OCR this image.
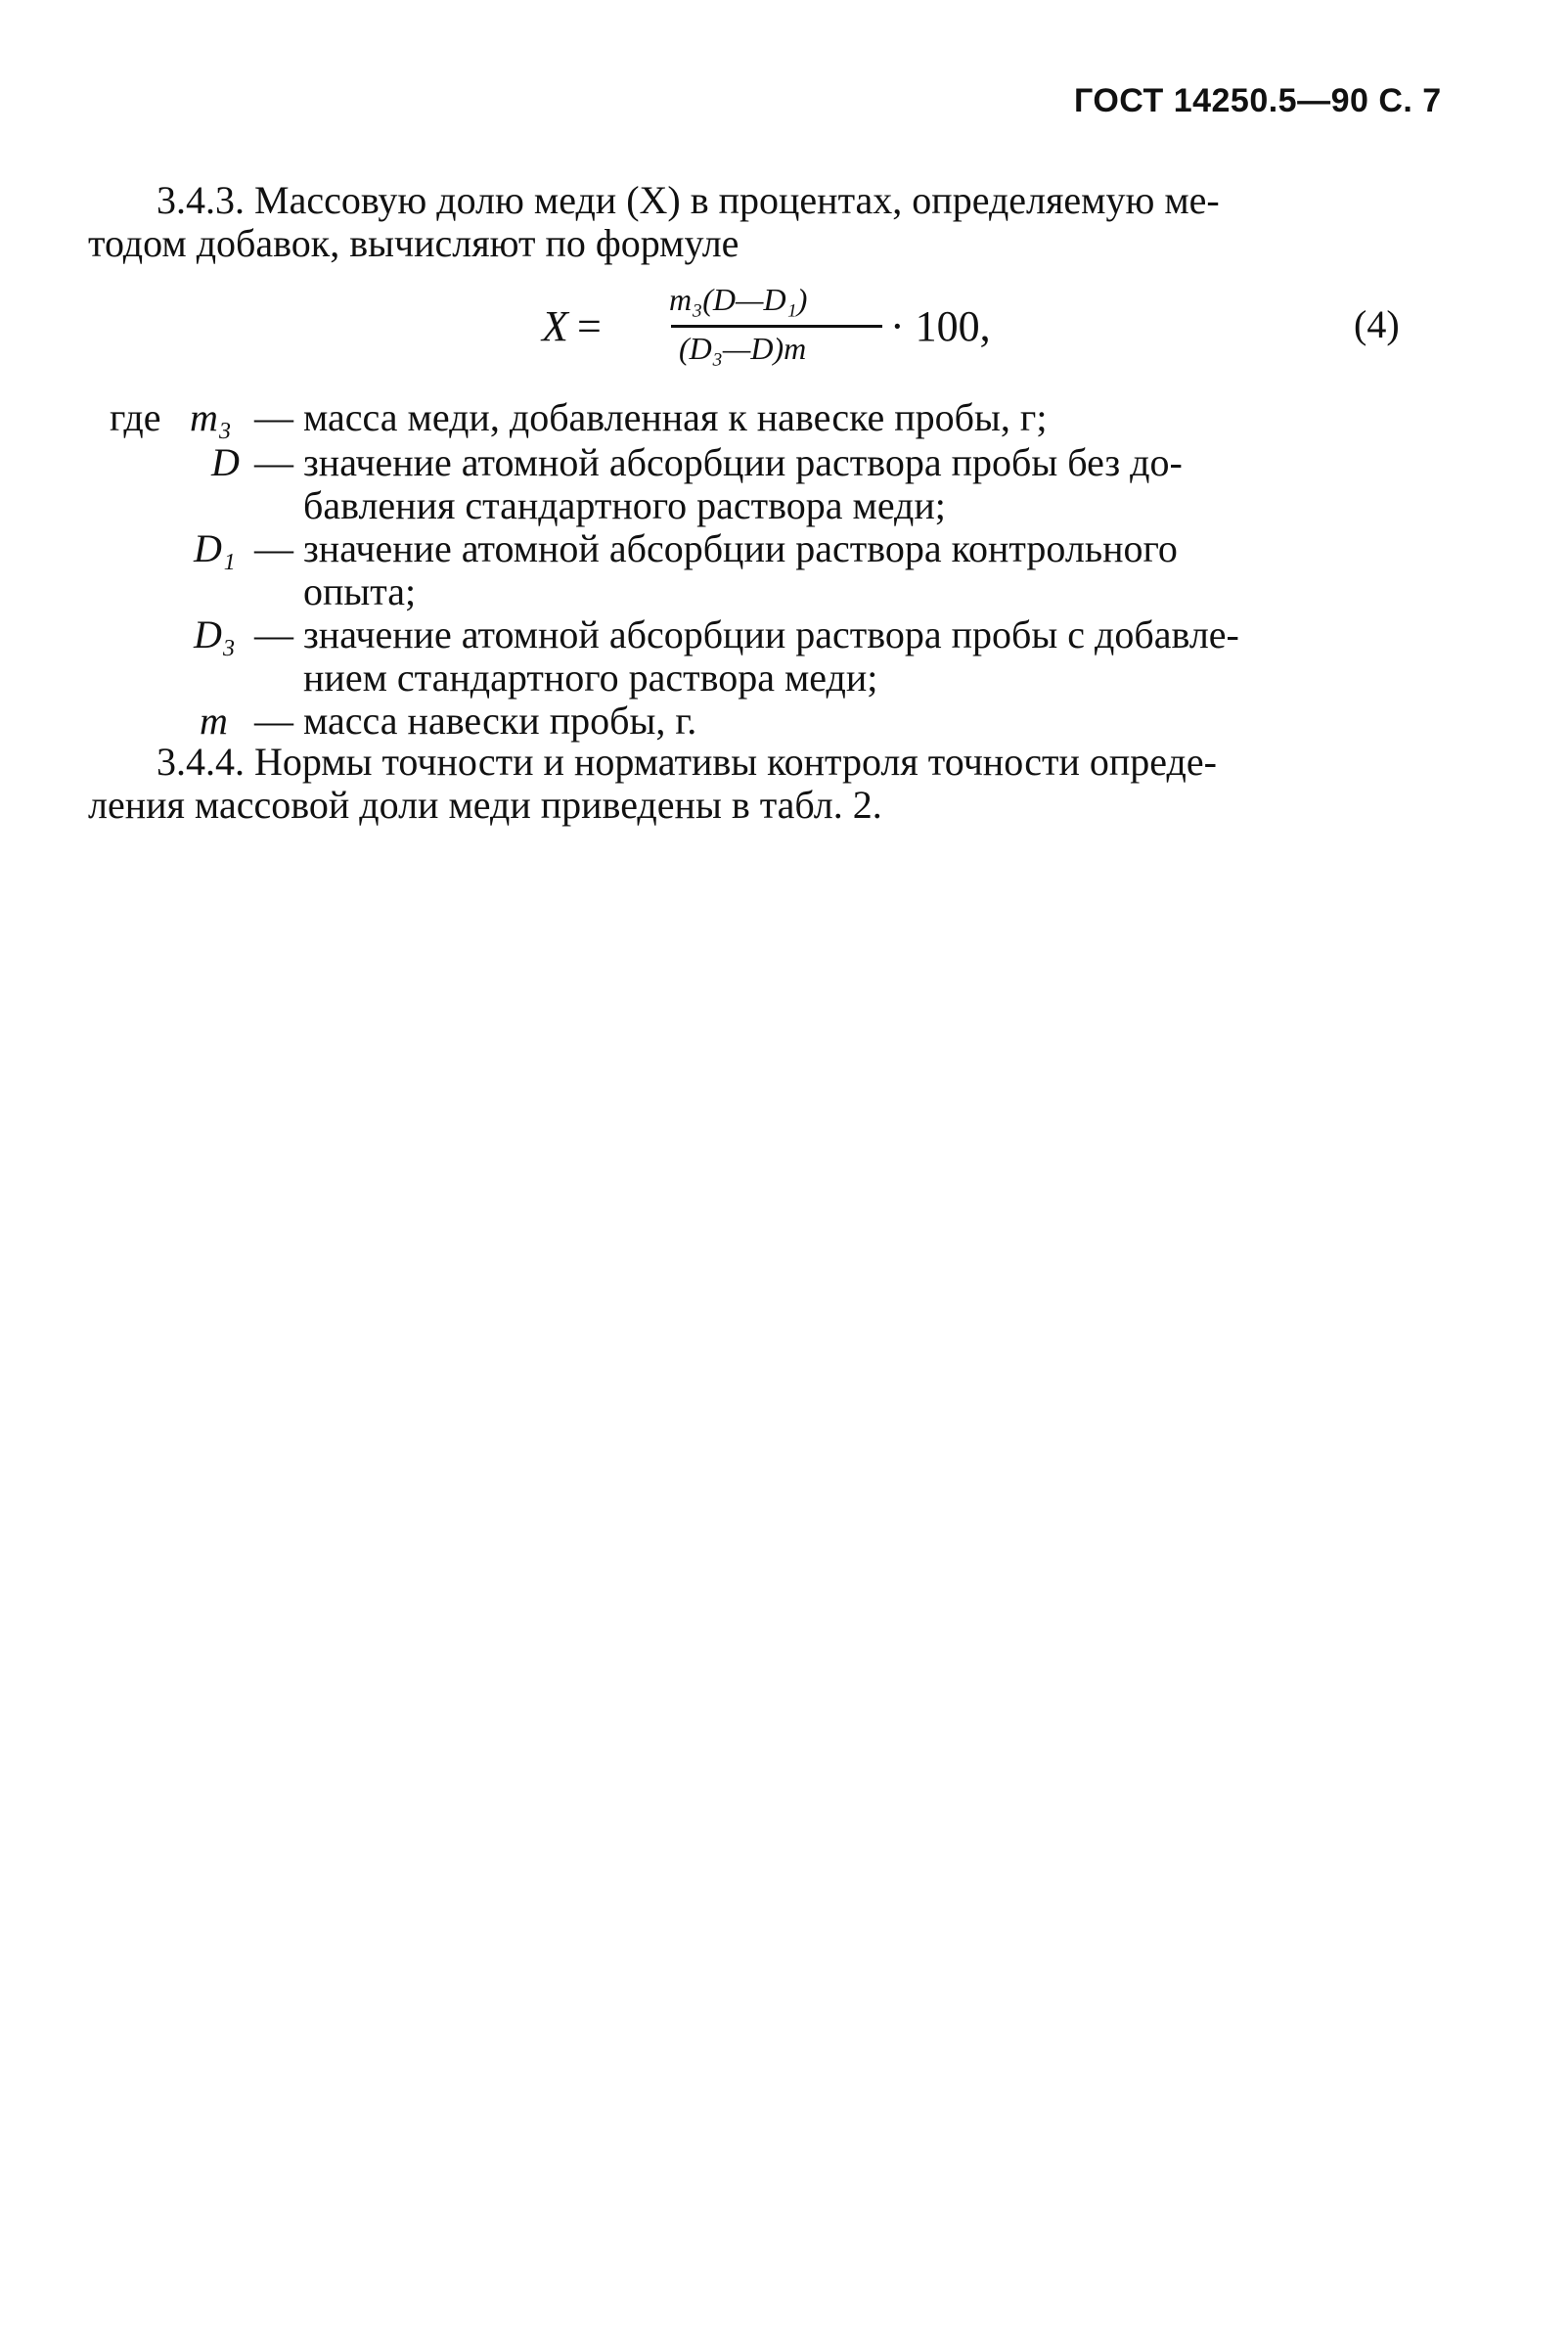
ГОСТ 14250.5—90 С. 7
3.4.3. Массовую долю меди (X) в процентах, определяемую ме-
тодом добавок, вычисляют по формуле
X =
m₃(D—D₁)
(D₃—D)m · 100,	(4)
где m₃ — масса меди, добавленная к навеске пробы, г;
D — значение атомной абсорбции раствора пробы без до-
бавления стандартного раствора меди;
D₁ — значение атомной абсорбции раствора контрольного
опыта;
D₃ — значение атомной абсорбции раствора пробы с добавле-
нием стандартного раствора меди;
m — масса навески пробы, г.
3.4.4. Нормы точности и нормативы контроля точности опреде-
ления массовой доли меди приведены в табл. 2.
